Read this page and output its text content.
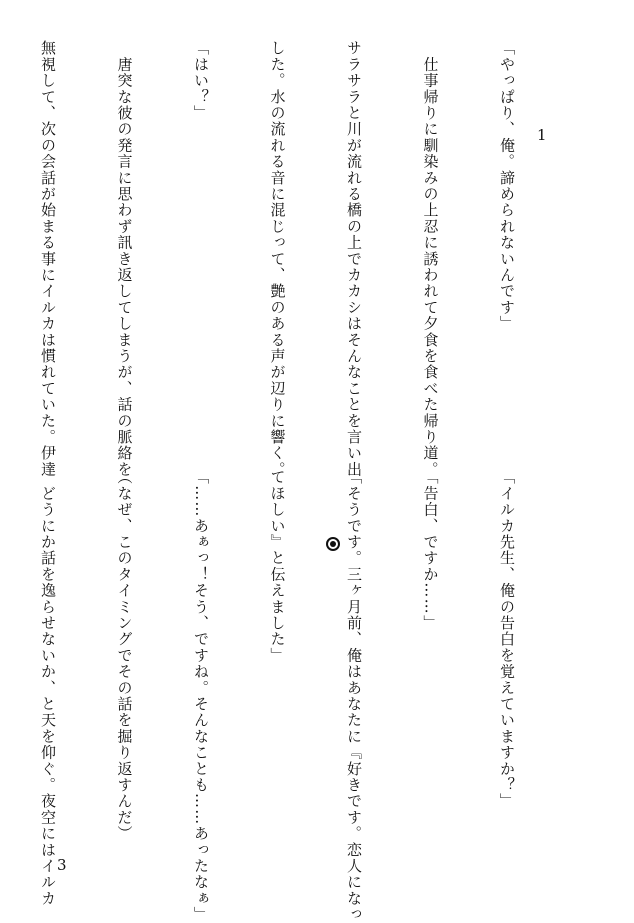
1

「やっぱり、俺。諦められないんです」

　仕事帰りに馴染みの上忍に誘われて夕食を食べた帰り道。

サラサラと川が流れる橋の上でカカシはそんなことを言い出

した。水の流れる音に混じって、艶のある声が辺りに響く。

「はい？」

　唐突な彼の発言に思わず訊き返してしまうが、話の脈絡を

無視して、次の会話が始まる事にイルカは慣れていた。伊達

「イルカ先生、俺の告白を覚えていますか？」

「告白、ですか……」

「そうです。三ヶ月前、俺はあなたに『好きです。恋人になっ

てほしい』と伝えました」

「……あぁっ！そう、ですね。そんなことも……あったなぁ」

（なぜ、このタイミングでその話を掘り返すんだ）

　どうにか話を逸らせないか、と天を仰ぐ。夜空にはイルカ

3
